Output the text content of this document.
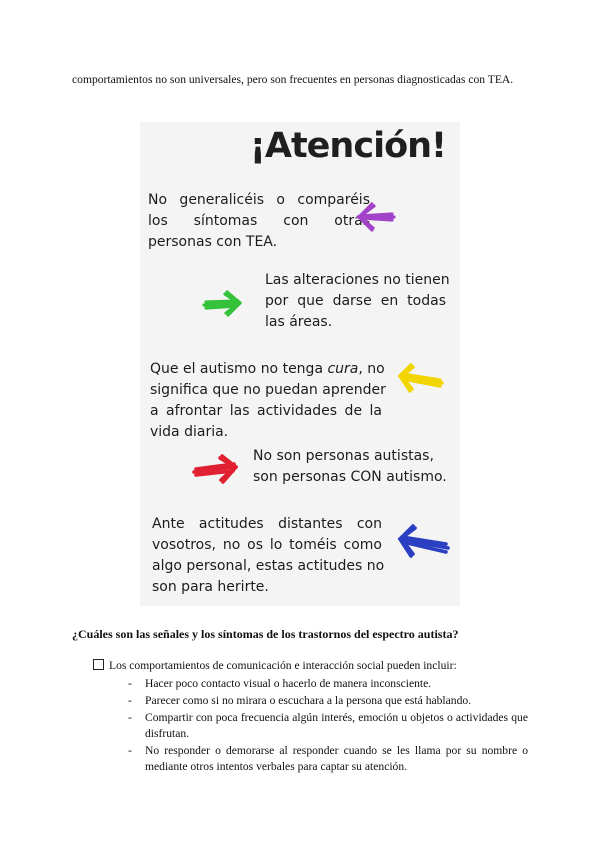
comportamientos no son universales, pero son frecuentes en personas diagnosticadas con TEA.

¡Atención!
No generalicéis o comparéis
los síntomas con otras
personas con TEA.
Las alteraciones no tienen
por que darse en todas
las áreas.
Que el autismo no tenga cura, no
significa que no puedan aprender
a afrontar las actividades de la
vida diaria.
No son personas autistas,
son personas CON autismo.
Ante actitudes distantes con
vosotros, no os lo toméis como
algo personal, estas actitudes no
son para herirte.
¿Cuáles son las señales y los síntomas de los trastornos del espectro autista?
Los comportamientos de comunicación e interacción social pueden incluir:
- Hacer poco contacto visual o hacerlo de manera inconsciente.
- Parecer como si no mirara o escuchara a la persona que está hablando.
- Compartir con poca frecuencia algún interés, emoción u objetos o actividades que disfrutan.
- No responder o demorarse al responder cuando se les llama por su nombre o mediante otros intentos verbales para captar su atención.
